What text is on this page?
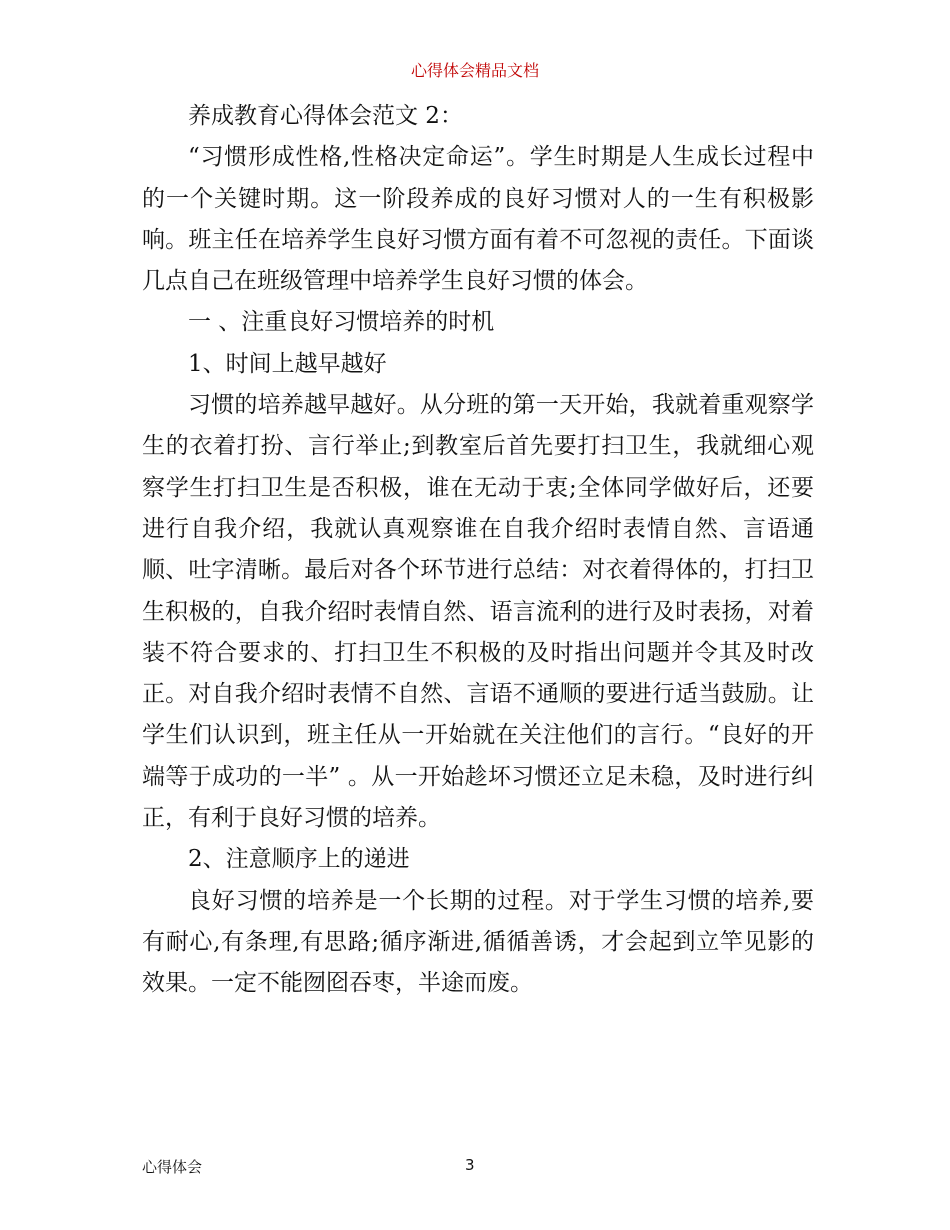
心得体会精品文档

养成教育心得体会范文 2：

“习惯形成性格,性格决定命运”。学生时期是人生成长过程中的一个关键时期。这一阶段养成的良好习惯对人的一生有积极影响。班主任在培养学生良好习惯方面有着不可忽视的责任。下面谈几点自己在班级管理中培养学生良好习惯的体会。

一 、注重良好习惯培养的时机

1、时间上越早越好

习惯的培养越早越好。从分班的第一天开始，我就着重观察学生的衣着打扮、言行举止;到教室后首先要打扫卫生，我就细心观察学生打扫卫生是否积极，谁在无动于衷;全体同学做好后，还要进行自我介绍，我就认真观察谁在自我介绍时表情自然、言语通顺、吐字清晰。最后对各个环节进行总结：对衣着得体的，打扫卫生积极的，自我介绍时表情自然、语言流利的进行及时表扬，对着装不符合要求的、打扫卫生不积极的及时指出问题并令其及时改正。对自我介绍时表情不自然、言语不通顺的要进行适当鼓励。让学生们认识到，班主任从一开始就在关注他们的言行。“良好的开端等于成功的一半” 。从一开始趁坏习惯还立足未稳，及时进行纠正，有利于良好习惯的培养。

2、注意顺序上的递进

良好习惯的培养是一个长期的过程。对于学生习惯的培养,要有耐心,有条理,有思路;循序渐进,循循善诱，才会起到立竿见影的效果。一定不能囫囵吞枣，半途而废。

心得体会	3
